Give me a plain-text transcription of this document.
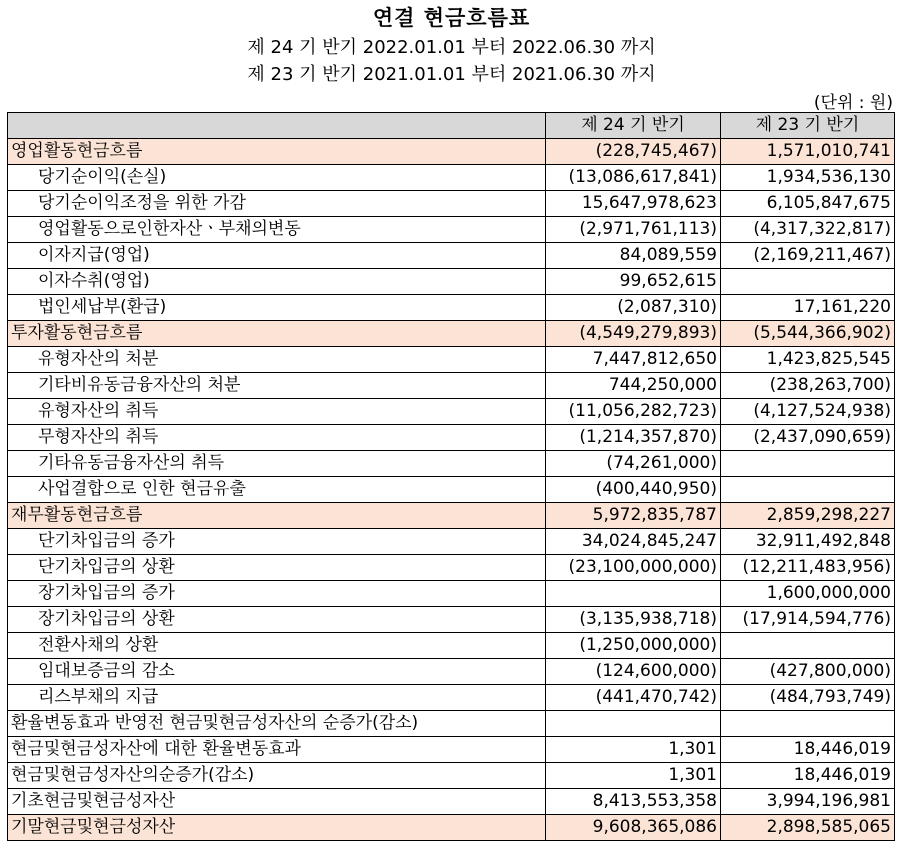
연결 현금흐름표
제 24 기 반기 2022.01.01 부터 2022.06.30 까지
제 23 기 반기 2021.01.01 부터 2021.06.30 까지
(단위 : 원)
	제 24 기 반기	제 23 기 반기
영업활동현금흐름	(228,745,467)	1,571,010,741
당기순이익(손실)	(13,086,617,841)	1,934,536,130
당기순이익조정을 위한 가감	15,647,978,623	6,105,847,675
영업활동으로인한자산ㆍ부채의변동	(2,971,761,113)	(4,317,322,817)
이자지급(영업)	84,089,559	(2,169,211,467)
이자수취(영업)	99,652,615	
법인세납부(환급)	(2,087,310)	17,161,220
투자활동현금흐름	(4,549,279,893)	(5,544,366,902)
유형자산의 처분	7,447,812,650	1,423,825,545
기타비유동금융자산의 처분	744,250,000	(238,263,700)
유형자산의 취득	(11,056,282,723)	(4,127,524,938)
무형자산의 취득	(1,214,357,870)	(2,437,090,659)
기타유동금융자산의 취득	(74,261,000)	
사업결합으로 인한 현금유출	(400,440,950)	
재무활동현금흐름	5,972,835,787	2,859,298,227
단기차입금의 증가	34,024,845,247	32,911,492,848
단기차입금의 상환	(23,100,000,000)	(12,211,483,956)
장기차입금의 증가		1,600,000,000
장기차입금의 상환	(3,135,938,718)	(17,914,594,776)
전환사채의 상환	(1,250,000,000)	
임대보증금의 감소	(124,600,000)	(427,800,000)
리스부채의 지급	(441,470,742)	(484,793,749)
환율변동효과 반영전 현금및현금성자산의 순증가(감소)		
현금및현금성자산에 대한 환율변동효과	1,301	18,446,019
현금및현금성자산의순증가(감소)	1,301	18,446,019
기초현금및현금성자산	8,413,553,358	3,994,196,981
기말현금및현금성자산	9,608,365,086	2,898,585,065
